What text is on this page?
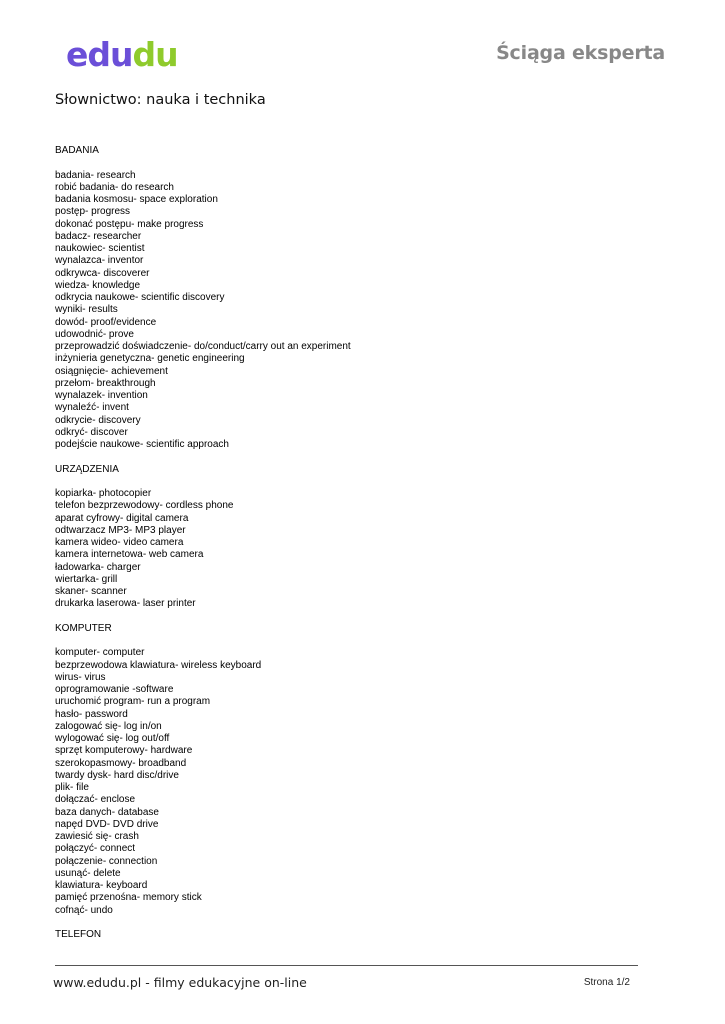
edudu	Ściąga eksperta
Słownictwo: nauka i technika
BADANIA
badania- research
robić badania- do research
badania kosmosu- space exploration
postęp- progress
dokonać postępu- make progress
badacz- researcher
naukowiec- scientist
wynalazca- inventor
odkrywca- discoverer
wiedza- knowledge
odkrycia naukowe- scientific discovery
wyniki- results
dowód- proof/evidence
udowodnić- prove
przeprowadzić doświadczenie- do/conduct/carry out an experiment
inżynieria genetyczna- genetic engineering
osiągnięcie- achievement
przełom- breakthrough
wynalazek- invention
wynaleźć- invent
odkrycie- discovery
odkryć- discover
podejście naukowe- scientific approach
URZĄDZENIA
kopiarka- photocopier
telefon bezprzewodowy- cordless phone
aparat cyfrowy- digital camera
odtwarzacz MP3- MP3 player
kamera wideo- video camera
kamera internetowa- web camera
ładowarka- charger
wiertarka- grill
skaner- scanner
drukarka laserowa- laser printer
KOMPUTER
komputer- computer
bezprzewodowa klawiatura- wireless keyboard
wirus- virus
oprogramowanie -software
uruchomić program- run a program
hasło- password
zalogować się- log in/on
wylogować się- log out/off
sprzęt komputerowy- hardware
szerokopasmowy- broadband
twardy dysk- hard disc/drive
plik- file
dołączać- enclose
baza danych- database
napęd DVD- DVD drive
zawiesić się- crash
połączyć- connect
połączenie- connection
usunąć- delete
klawiatura- keyboard
pamięć przenośna- memory stick
cofnąć- undo
TELEFON
www.edudu.pl - filmy edukacyjne on-line	Strona 1/2
